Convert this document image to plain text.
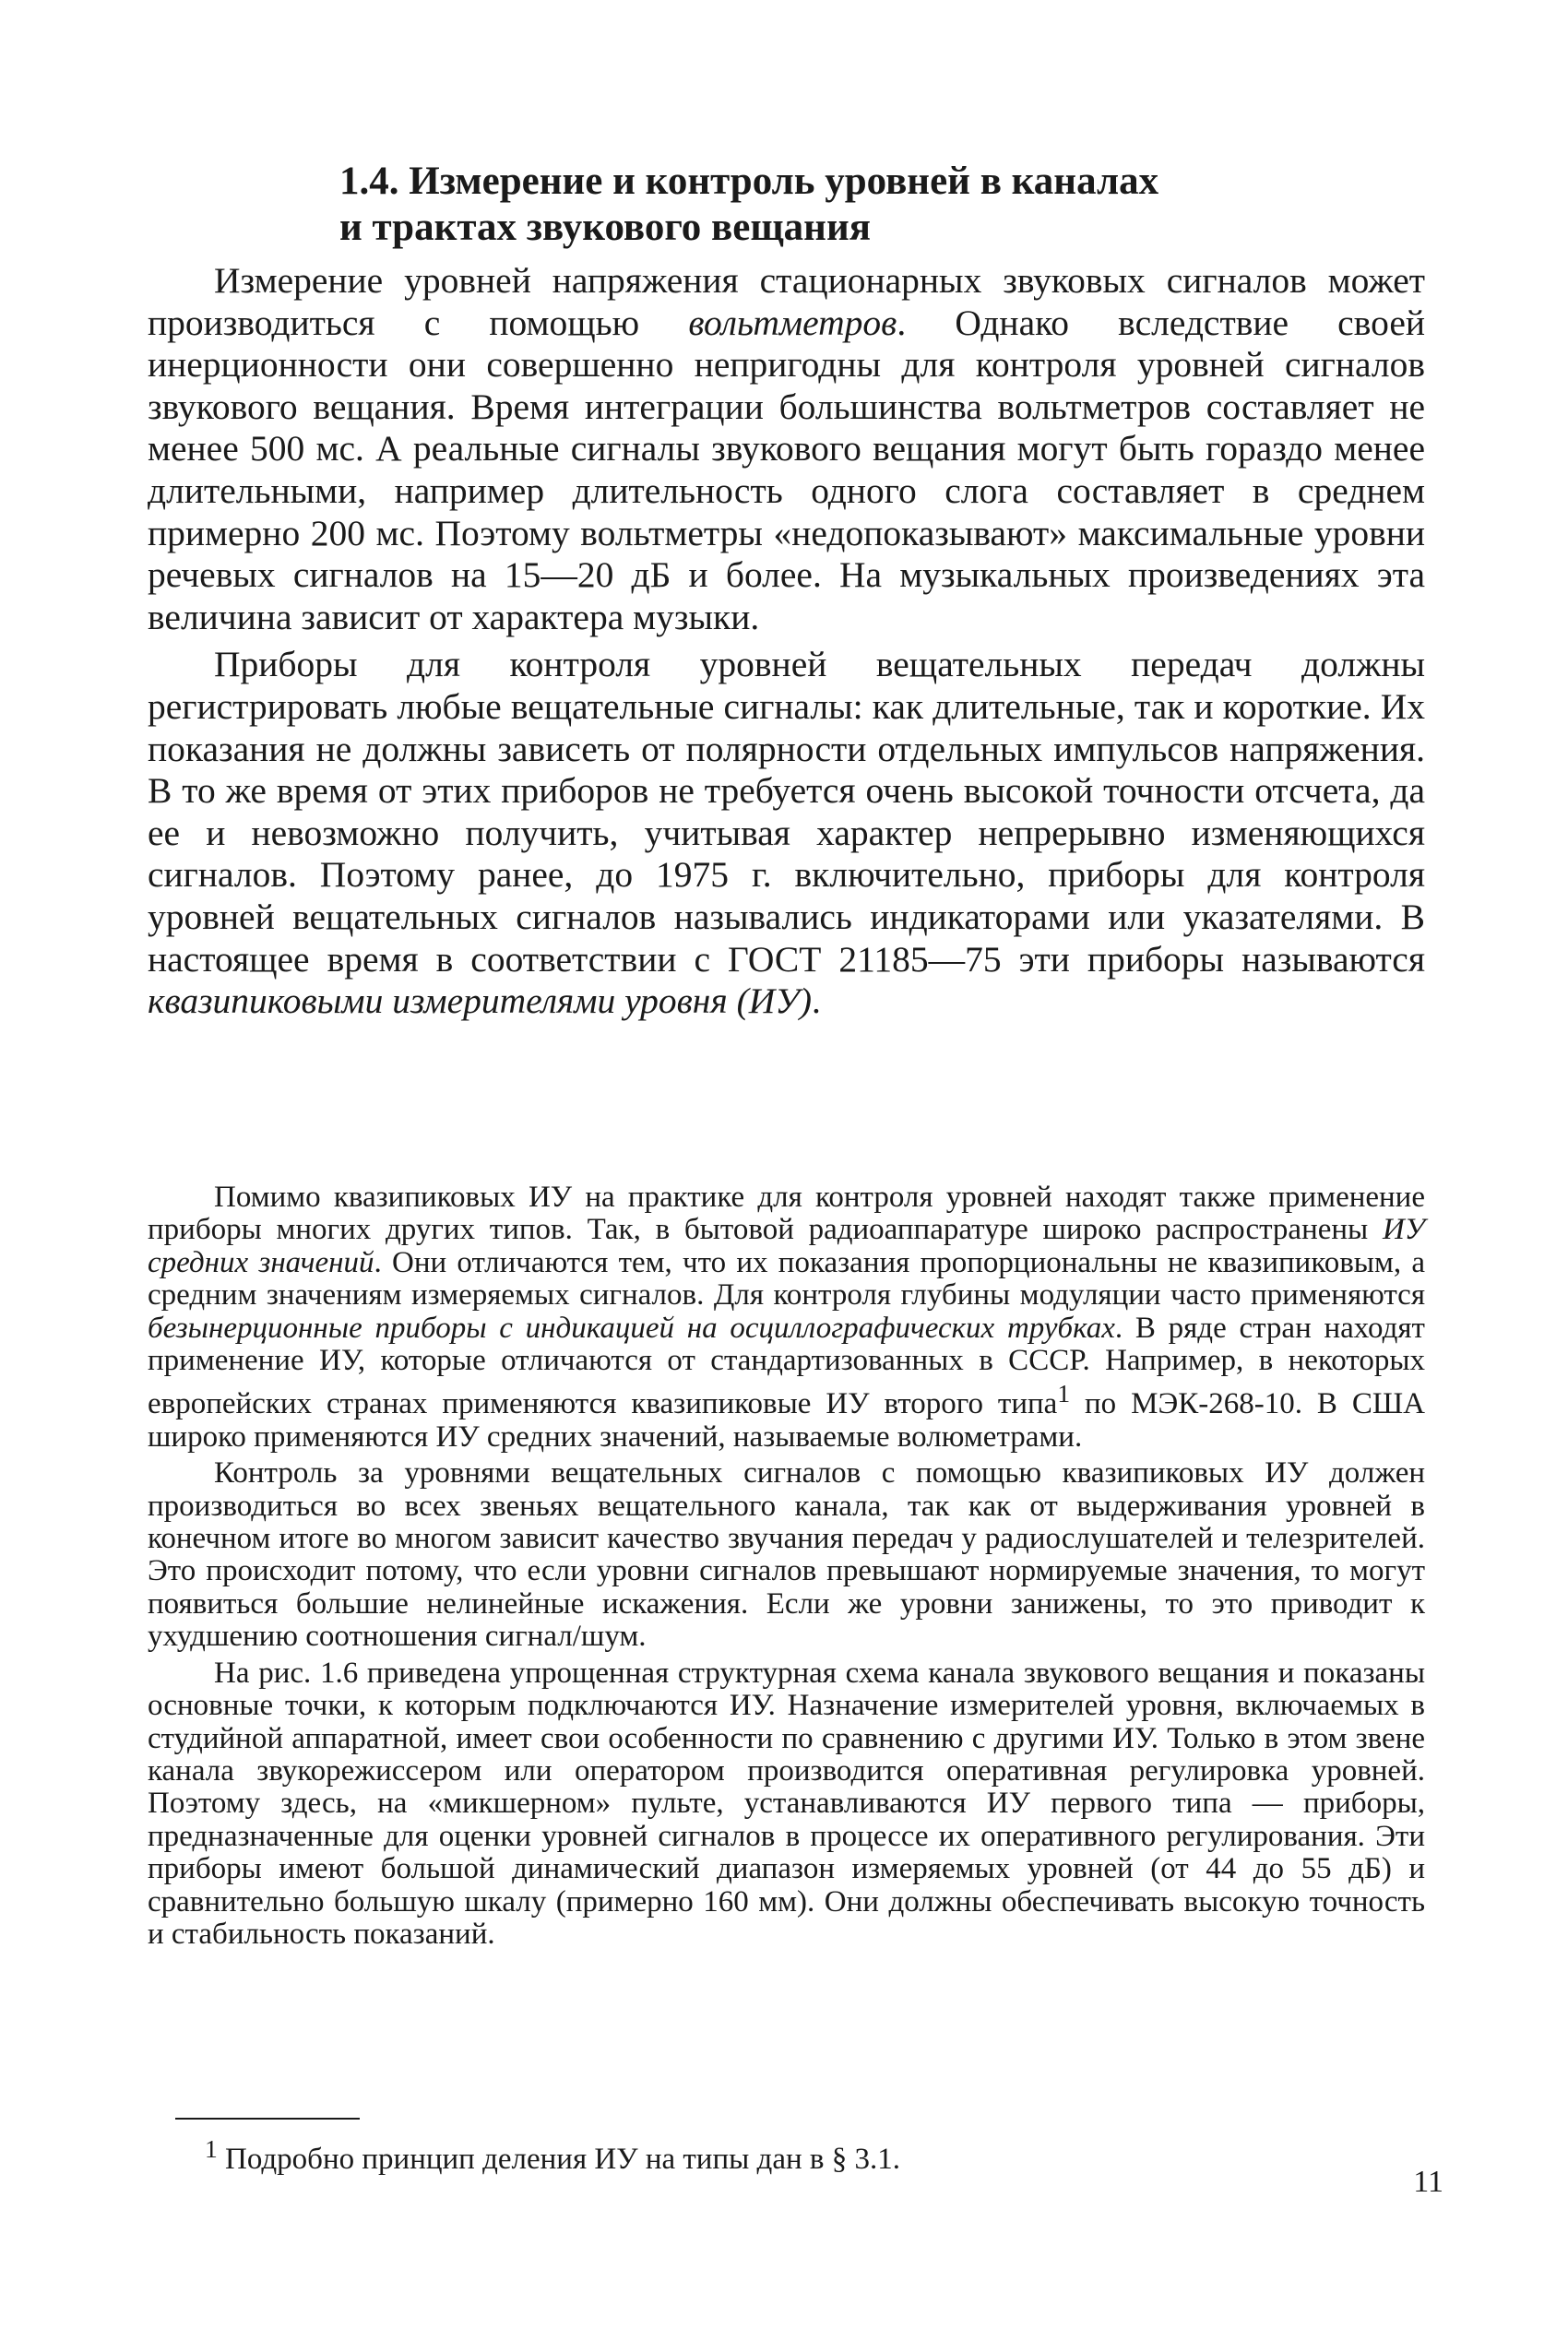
1.4. Измерение и контроль уровней в каналах
и трактах звукового вещания

Измерение уровней напряжения стационарных звуковых сигналов может производиться с помощью вольтметров. Однако вследствие своей инерционности они совершенно непригодны для контроля уровней сигналов звукового вещания. Время интеграции большинства вольтметров составляет не менее 500 мс. А реальные сигналы звукового вещания могут быть гораздо менее длительными, например длительность одного слога составляет в среднем примерно 200 мс. Поэтому вольтметры «недопоказывают» максимальные уровни речевых сигналов на 15—20 дБ и более. На музыкальных произведениях эта величина зависит от характера музыки.

Приборы для контроля уровней вещательных передач должны регистрировать любые вещательные сигналы: как длительные, так и короткие. Их показания не должны зависеть от полярности отдельных импульсов напряжения. В то же время от этих приборов не требуется очень высокой точности отсчета, да ее и невозможно получить, учитывая характер непрерывно изменяющихся сигналов. Поэтому ранее, до 1975 г. включительно, приборы для контроля уровней вещательных сигналов назывались индикаторами или указателями. В настоящее время в соответствии с ГОСТ 21185—75 эти приборы называются квазипиковыми измерителями уровня (ИУ).

Помимо квазипиковых ИУ на практике для контроля уровней находят также применение приборы многих других типов. Так, в бытовой радиоаппаратуре широко распространены ИУ средних значений. Они отличаются тем, что их показания пропорциональны не квазипиковым, а средним значениям измеряемых сигналов. Для контроля глубины модуляции часто применяются безынерционные приборы с индикацией на осциллографических трубках. В ряде стран находят применение ИУ, которые отличаются от стандартизованных в СССР. Например, в некоторых европейских странах применяются квазипиковые ИУ второго типа$^1$ по МЭК-268-10. В США широко применяются ИУ средних значений, называемые волюметрами.

Контроль за уровнями вещательных сигналов с помощью квазипиковых ИУ должен производиться во всех звеньях вещательного канала, так как от выдерживания уровней в конечном итоге во многом зависит качество звучания передач у радиослушателей и телезрителей. Это происходит потому, что если уровни сигналов превышают нормируемые значения, то могут появиться большие нелинейные искажения. Если же уровни занижены, то это приводит к ухудшению соотношения сигнал/шум.

На рис. 1.6 приведена упрощенная структурная схема канала звукового вещания и показаны основные точки, к которым подключаются ИУ. Назначение измерителей уровня, включаемых в студийной аппаратной, имеет свои особенности по сравнению с другими ИУ. Только в этом звене канала звукорежиссером или оператором производится оперативная регулировка уровней. Поэтому здесь, на «микшерном» пульте, устанавливаются ИУ первого типа — приборы, предназначенные для оценки уровней сигналов в процессе их оперативного регулирования. Эти приборы имеют большой динамический диапазон измеряемых уровней (от 44 до 55 дБ) и сравнительно большую шкалу (примерно 160 мм). Они должны обеспечивать высокую точность и стабильность показаний.

$^1$ Подробно принцип деления ИУ на типы дан в § 3.1.

11
